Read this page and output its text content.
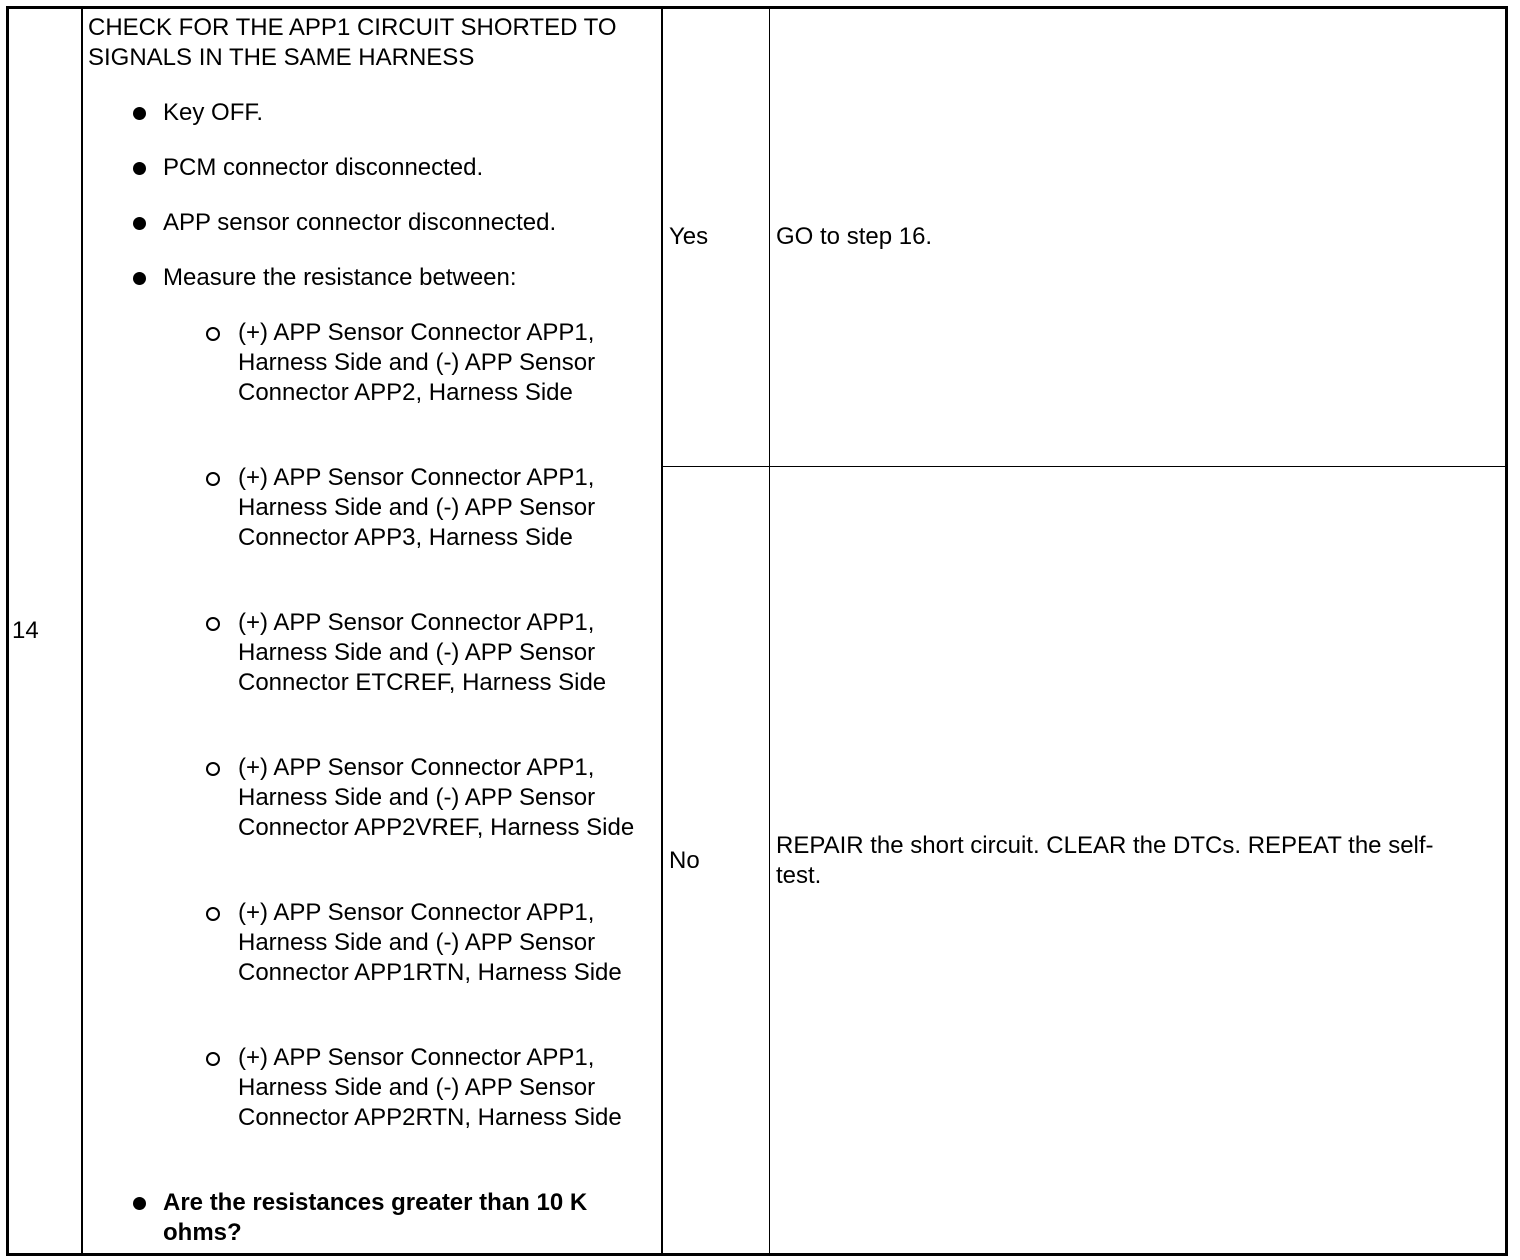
14
CHECK FOR THE APP1 CIRCUIT SHORTED TO SIGNALS IN THE SAME HARNESS
Key OFF.
PCM connector disconnected.
APP sensor connector disconnected.
Measure the resistance between:
(+) APP Sensor Connector APP1, Harness Side and (-) APP Sensor Connector APP2, Harness Side
(+) APP Sensor Connector APP1, Harness Side and (-) APP Sensor Connector APP3, Harness Side
(+) APP Sensor Connector APP1, Harness Side and (-) APP Sensor Connector ETCREF, Harness Side
(+) APP Sensor Connector APP1, Harness Side and (-) APP Sensor Connector APP2VREF, Harness Side
(+) APP Sensor Connector APP1, Harness Side and (-) APP Sensor Connector APP1RTN, Harness Side
(+) APP Sensor Connector APP1, Harness Side and (-) APP Sensor Connector APP2RTN, Harness Side
Are the resistances greater than 10 K ohms?
Yes	GO to step 16.
No
REPAIR the short circuit. CLEAR the DTCs. REPEAT the self-test.
